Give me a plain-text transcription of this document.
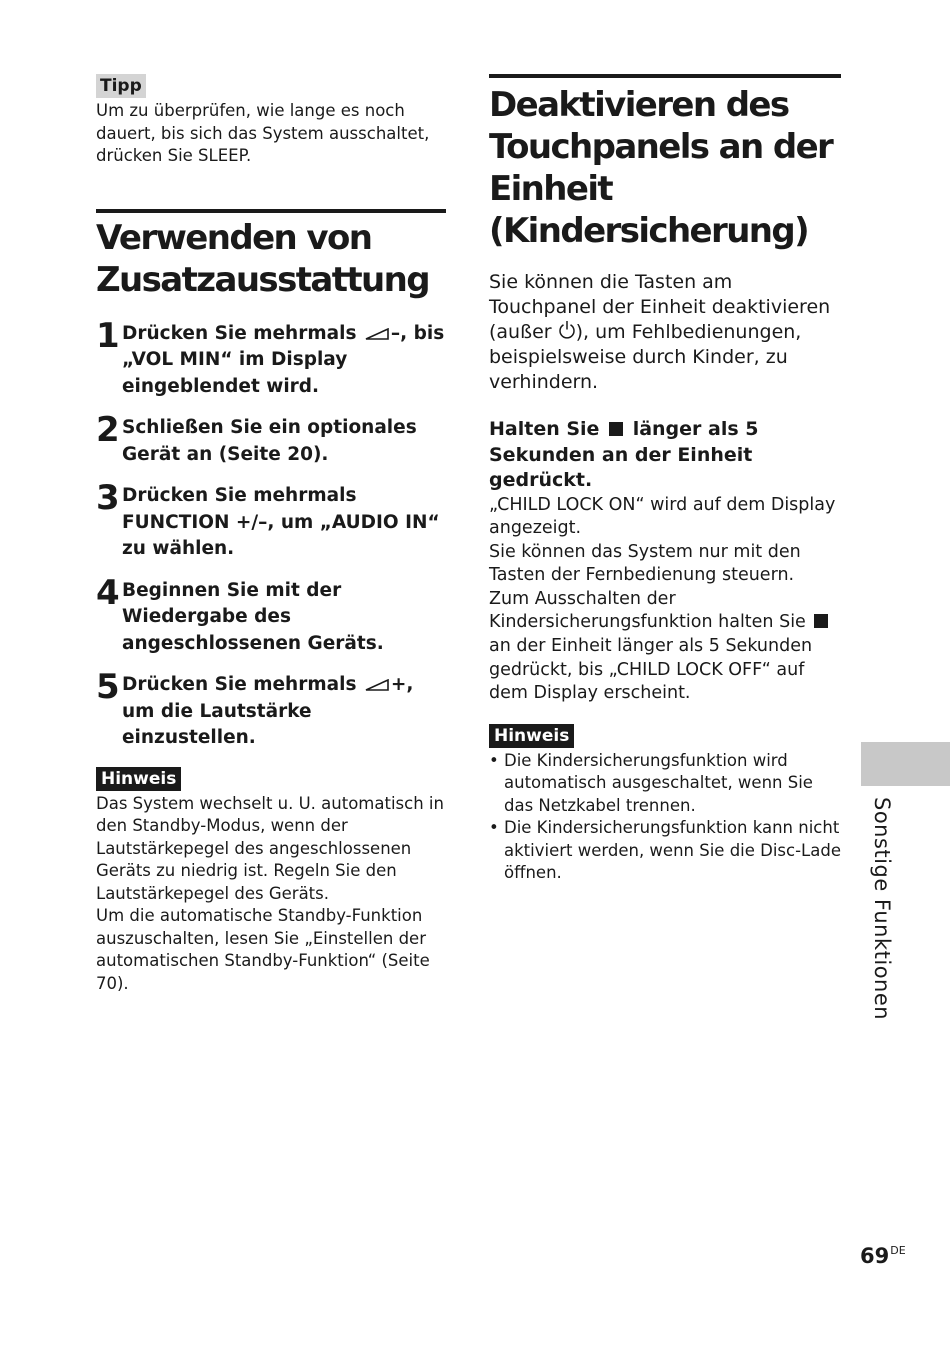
Tipp
Um zu überprüfen, wie lange es noch dauert, bis sich das System ausschaltet, drücken Sie SLEEP.
Verwenden von
Zusatzausstattung
1 Drücken Sie mehrmals –, bis „VOL MIN“ im Display eingeblendet wird.
2 Schließen Sie ein optionales Gerät an (Seite 20).
3 Drücken Sie mehrmals FUNCTION +/–, um „AUDIO IN“ zu wählen.
4 Beginnen Sie mit der Wiedergabe des angeschlossenen Geräts.
5 Drücken Sie mehrmals +, um die Lautstärke einzustellen.
Hinweis
Das System wechselt u. U. automatisch in den Standby-Modus, wenn der Lautstärkepegel des angeschlossenen Geräts zu niedrig ist. Regeln Sie den Lautstärkepegel des Geräts.
Um die automatische Standby-Funktion auszuschalten, lesen Sie „Einstellen der automatischen Standby-Funktion“ (Seite 70).
Deaktivieren des
Touchpanels an der
Einheit
(Kindersicherung)
Sie können die Tasten am Touchpanel der Einheit deaktivieren (außer ), um Fehlbedienungen, beispielsweise durch Kinder, zu verhindern.
Halten Sie länger als 5 Sekunden an der Einheit gedrückt.
„CHILD LOCK ON“ wird auf dem Display angezeigt.
Sie können das System nur mit den Tasten der Fernbedienung steuern.
Zum Ausschalten der Kindersicherungsfunktion halten Sie  an der Einheit länger als 5 Sekunden gedrückt, bis „CHILD LOCK OFF“ auf dem Display erscheint.
Hinweis
• Die Kindersicherungsfunktion wird automatisch ausgeschaltet, wenn Sie das Netzkabel trennen.
• Die Kindersicherungsfunktion kann nicht aktiviert werden, wenn Sie die Disc-Lade öffnen.	Sonstige Funktionen
69DE
